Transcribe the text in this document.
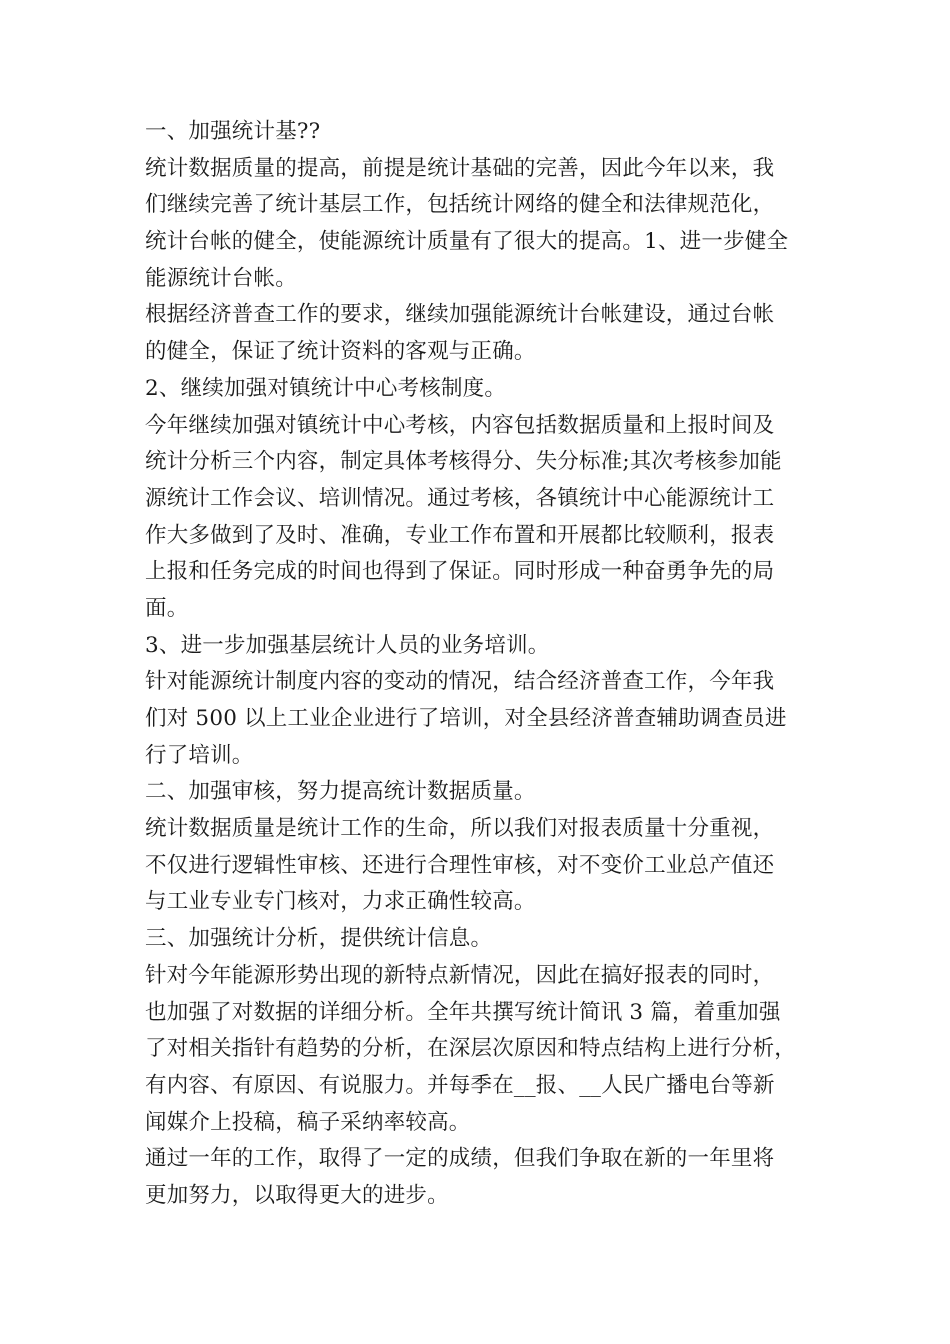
一、加强统计基??
统计数据质量的提高，前提是统计基础的完善，因此今年以来，我
们继续完善了统计基层工作，包括统计网络的健全和法律规范化，
统计台帐的健全，使能源统计质量有了很大的提高。1、进一步健全
能源统计台帐。
根据经济普查工作的要求，继续加强能源统计台帐建设，通过台帐
的健全，保证了统计资料的客观与正确。
2、继续加强对镇统计中心考核制度。
今年继续加强对镇统计中心考核，内容包括数据质量和上报时间及
统计分析三个内容，制定具体考核得分、失分标准;其次考核参加能
源统计工作会议、培训情况。通过考核，各镇统计中心能源统计工
作大多做到了及时、准确，专业工作布置和开展都比较顺利，报表
上报和任务完成的时间也得到了保证。同时形成一种奋勇争先的局
面。
3、进一步加强基层统计人员的业务培训。
针对能源统计制度内容的变动的情况，结合经济普查工作，今年我
们对 500 以上工业企业进行了培训，对全县经济普查辅助调查员进
行了培训。
二、加强审核，努力提高统计数据质量。
统计数据质量是统计工作的生命，所以我们对报表质量十分重视，
不仅进行逻辑性审核、还进行合理性审核，对不变价工业总产值还
与工业专业专门核对，力求正确性较高。
三、加强统计分析，提供统计信息。
针对今年能源形势出现的新特点新情况，因此在搞好报表的同时，
也加强了对数据的详细分析。全年共撰写统计简讯 3 篇，着重加强
了对相关指针有趋势的分析，在深层次原因和特点结构上进行分析，
有内容、有原因、有说服力。并每季在__报、__人民广播电台等新
闻媒介上投稿，稿子采纳率较高。
通过一年的工作，取得了一定的成绩，但我们争取在新的一年里将
更加努力，以取得更大的进步。
